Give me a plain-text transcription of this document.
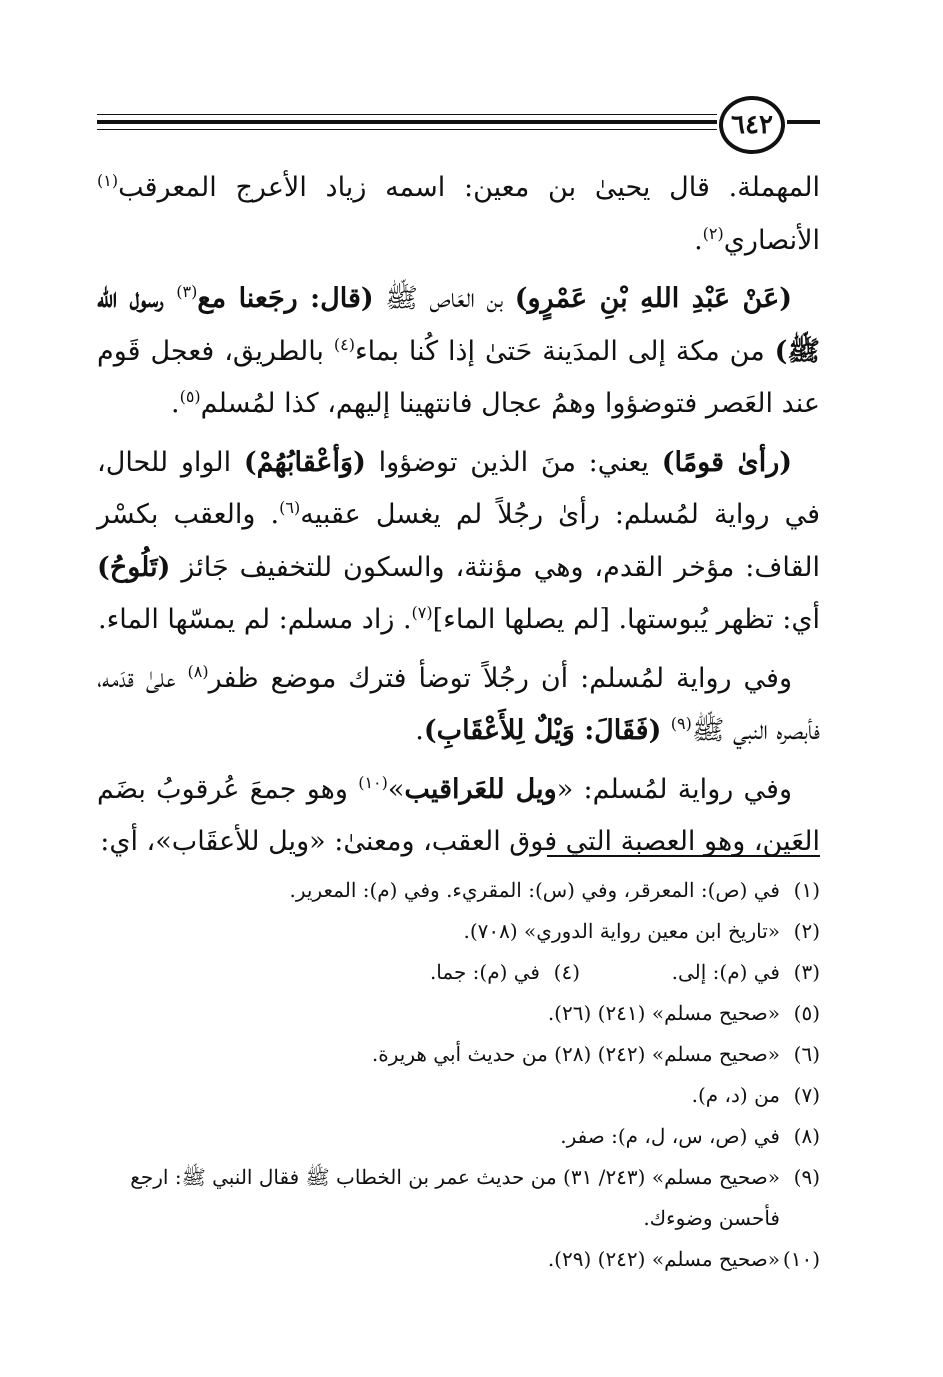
٦٤٢

المهملة. قال يحيىٰ بن معين: اسمه زياد الأعرج المعرقب$^{(١)}$ الأنصاري$^{(٢)}$.

(عَنْ عَبْدِ اللهِ بْنِ عَمْرٍو) بن العَاص ﷺ (قال: رجَعنا مع$^{(٣)}$ رسول الله ﷺ) من مكة إلى المدَينة حَتىٰ إذا كُنا بماء$^{(٤)}$ بالطريق، فعجل قَوم عند العَصر فتوضؤوا وهمُ عجال فانتهينا إليهم، كذا لمُسلم$^{(٥)}$.

(رأىٰ قومًا) يعني: منَ الذين توضؤوا (وَأعْقابُهُمْ) الواو للحال، في رواية لمُسلم: رأىٰ رجُلاً لم يغسل عقبيه$^{(٦)}$. والعقب بكسْر القاف: مؤخر القدم، وهي مؤنثة، والسكون للتخفيف جَائز (تَلُوحُ) أي: تظهر يُبوستها. [لم يصلها الماء]$^{(٧)}$. زاد مسلم: لم يمسّها الماء.

وفي رواية لمُسلم: أن رجُلاً توضأ فترك موضع ظفر$^{(٨)}$ علىٰ قدَمه، فأبصره النبي ﷺ$^{(٩)}$ (فَقَالَ: وَيْلٌ لِلأَعْقَابِ).

وفي رواية لمُسلم: «ويل للعَراقيب»$^{(١٠)}$ وهو جمعَ عُرقوبُ بضَم العَين، وهو العصبة التي فوق العقب، ومعنىٰ: «ويل للأعقَاب»، أي:

(١)
في (ص): المعرقر، وفي (س): المقريء. وفي (م): المعرير.
(٢)
«تاريخ ابن معين رواية الدوري» (٧٠٨).
(٣)
في (م): إلى.
(٤)
في (م): جما.
(٥)
«صحيح مسلم» (٢٤١) (٢٦).
(٦)
«صحيح مسلم» (٢٤٢) (٢٨) من حديث أبي هريرة.
(٧)
من (د، م).
(٨)
في (ص، س، ل، م): صفر.
(٩)
«صحيح مسلم» (٢٤٣/ ٣١) من حديث عمر بن الخطاب ﷺ فقال النبي ﷺ: ارجع فأحسن وضوءك.
(١٠)
«صحيح مسلم» (٢٤٢) (٢٩).
